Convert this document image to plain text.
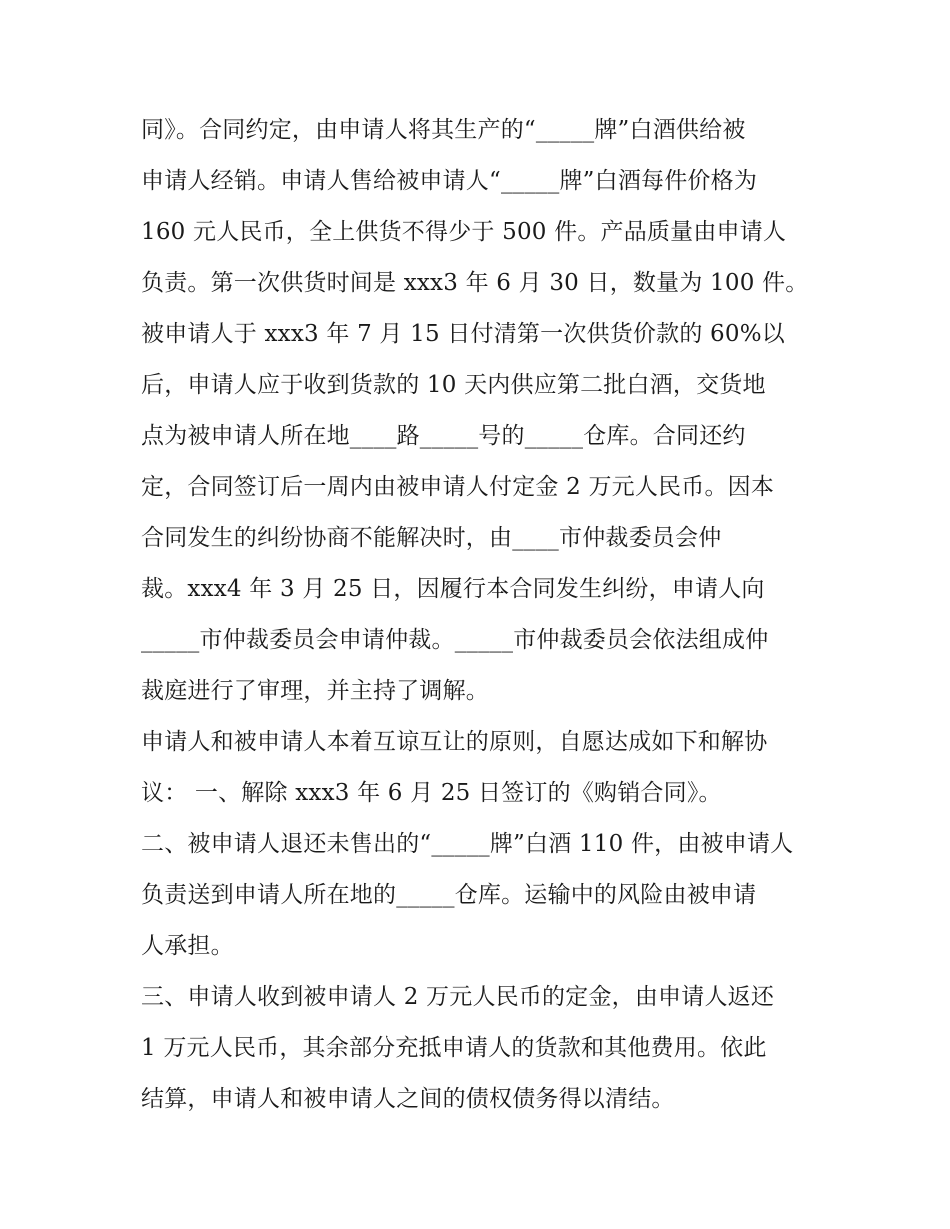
同》。合同约定，由申请人将其生产的“_____牌”白酒供给被
申请人经销。申请人售给被申请人“_____牌”白酒每件价格为
160 元人民币，全上供货不得少于 500 件。产品质量由申请人
负责。第一次供货时间是 xxx3 年 6 月 30 日，数量为 100 件。
被申请人于 xxx3 年 7 月 15 日付清第一次供货价款的 60%以
后，申请人应于收到货款的 10 天内供应第二批白酒，交货地
点为被申请人所在地____路_____号的_____仓库。合同还约
定，合同签订后一周内由被申请人付定金 2 万元人民币。因本
合同发生的纠纷协商不能解决时，由____市仲裁委员会仲
裁。xxx4 年 3 月 25 日，因履行本合同发生纠纷，申请人向
_____市仲裁委员会申请仲裁。_____市仲裁委员会依法组成仲
裁庭进行了审理，并主持了调解。
申请人和被申请人本着互谅互让的原则，自愿达成如下和解协
议： 一、解除 xxx3 年 6 月 25 日签订的《购销合同》。
二、被申请人退还未售出的“_____牌”白酒 110 件，由被申请人
负责送到申请人所在地的_____仓库。运输中的风险由被申请
人承担。
三、申请人收到被申请人 2 万元人民币的定金，由申请人返还
1 万元人民币，其余部分充抵申请人的货款和其他费用。依此
结算，申请人和被申请人之间的债权债务得以清结。
